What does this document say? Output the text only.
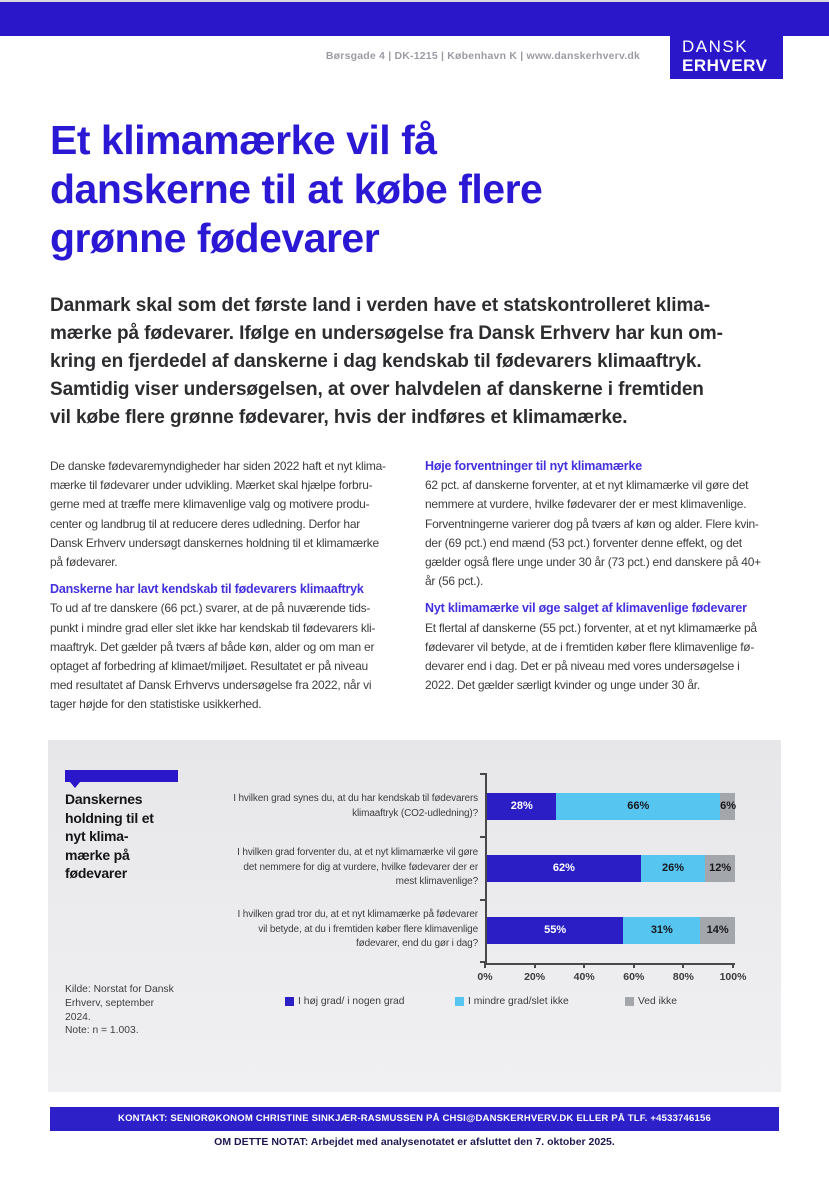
DANSK
ERHVERV
Børsgade 4 | DK-1215 | København K | www.danskerhverv.dk
Et klimamærke vil få
danskerne til at købe flere
grønne fødevarer
Danmark skal som det første land i verden have et statskontrolleret klima-
mærke på fødevarer. Ifølge en undersøgelse fra Dansk Erhverv har kun om-
kring en fjerdedel af danskerne i dag kendskab til fødevarers klimaaftryk.
Samtidig viser undersøgelsen, at over halvdelen af danskerne i fremtiden
vil købe flere grønne fødevarer, hvis der indføres et klimamærke.
De danske fødevaremyndigheder har siden 2022 haft et nyt klima-
mærke til fødevarer under udvikling. Mærket skal hjælpe forbru-
gerne med at træffe mere klimavenlige valg og motivere produ-
center og landbrug til at reducere deres udledning. Derfor har
Dansk Erhverv undersøgt danskernes holdning til et klimamærke
på fødevarer.
Danskerne har lavt kendskab til fødevarers klimaaftryk
To ud af tre danskere (66 pct.) svarer, at de på nuværende tids-
punkt i mindre grad eller slet ikke har kendskab til fødevarers kli-
maaftryk. Det gælder på tværs af både køn, alder og om man er
optaget af forbedring af klimaet/miljøet. Resultatet er på niveau
med resultatet af Dansk Erhvervs undersøgelse fra 2022, når vi
tager højde for den statistiske usikkerhed.
Høje forventninger til nyt klimamærke
62 pct. af danskerne forventer, at et nyt klimamærke vil gøre det
nemmere at vurdere, hvilke fødevarer der er mest klimavenlige.
Forventningerne varierer dog på tværs af køn og alder. Flere kvin-
der (69 pct.) end mænd (53 pct.) forventer denne effekt, og det
gælder også flere unge under 30 år (73 pct.) end danskere på 40+
år (56 pct.).
Nyt klimamærke vil øge salget af klimavenlige fødevarer
Et flertal af danskerne (55 pct.) forventer, at et nyt klimamærke på
fødevarer vil betyde, at de i fremtiden køber flere klimavenlige fø-
devarer end i dag. Det er på niveau med vores undersøgelse i
2022. Det gælder særligt kvinder og unge under 30 år.
Danskernes
holdning til et
nyt klima-
mærke på
fødevarer
I hvilken grad synes du, at du har kendskab til fødevarers
klimaaftryk (CO2-udledning)?
I hvilken grad forventer du, at et nyt klimamærke vil gøre
det nemmere for dig at vurdere, hvilke fødevarer der er
mest klimavenlige?
I hvilken grad tror du, at et nyt klimamærke på fødevarer
vil betyde, at du i fremtiden køber flere klimavenlige
fødevarer, end du gør i dag?
28%	66%	6%
62%	26%	12%
55%	31%	14%
0%	20%	40%	60%	80%	100%
I høj grad/ i nogen grad	I mindre grad/slet ikke	Ved ikke
Kilde: Norstat for Dansk
Erhverv, september
2024.
Note: n = 1.003.
KONTAKT: SENIORØKONOM CHRISTINE SINKJÆR-RASMUSSEN PÅ CHSI@DANSKERHVERV.DK ELLER PÅ TLF. +4533746156
OM DETTE NOTAT: Arbejdet med analysenotatet er afsluttet den 7. oktober 2025.
